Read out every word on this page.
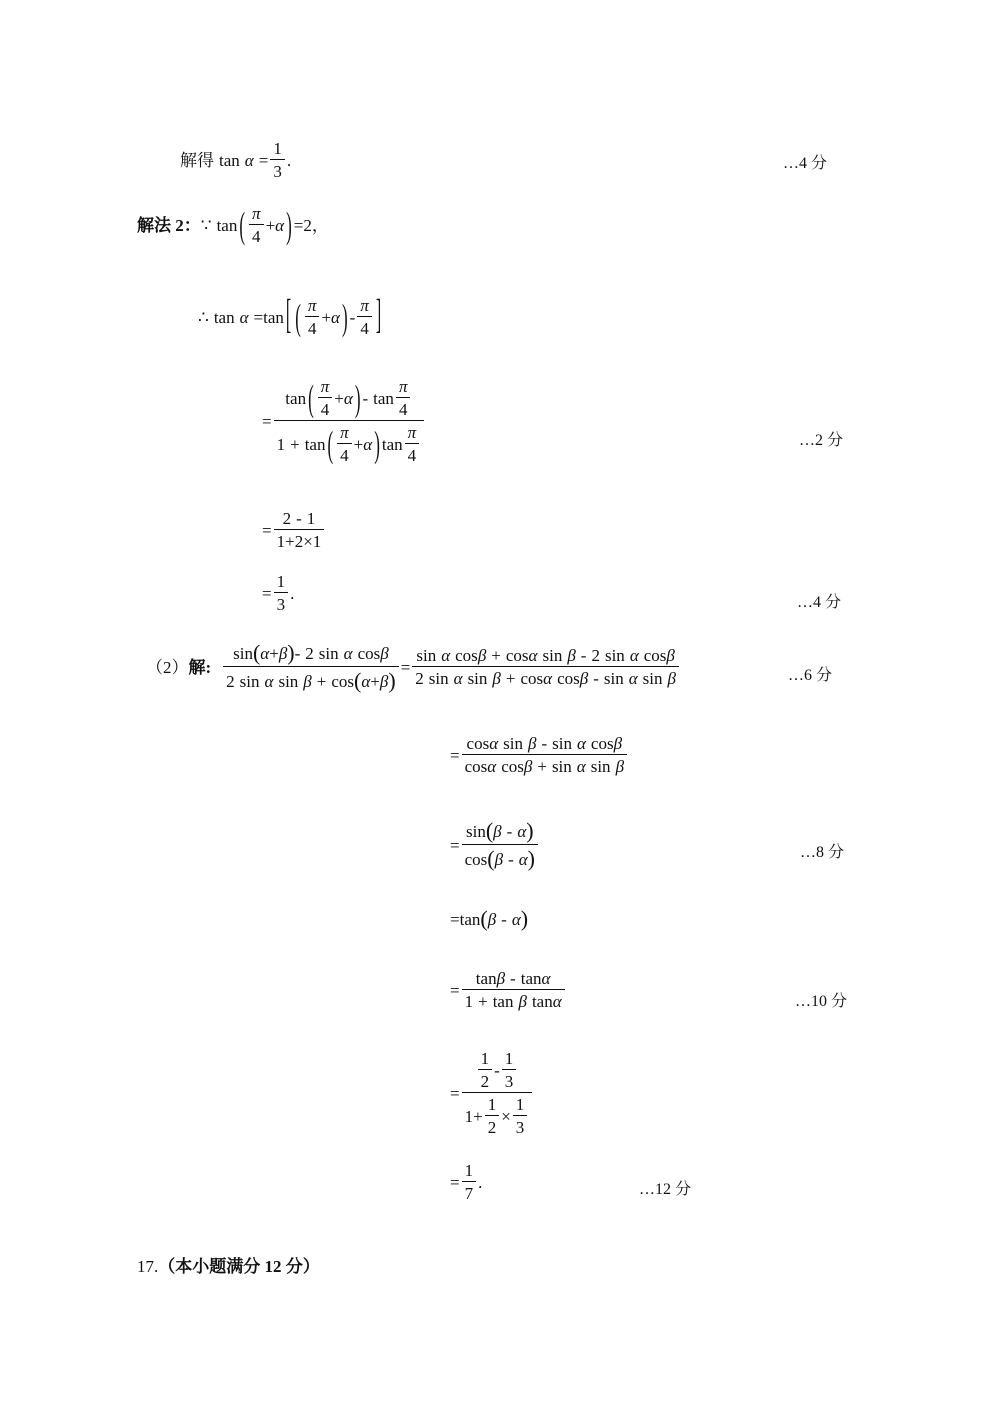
解得 $\tan \alpha = \frac{1}{3}$ .	…4 分
解法 2 ： ∵ tan ( $\frac{\pi}{4} + \alpha$ ) = 2 ，
∴ tan α = tan [ ( $\frac{\pi}{4} + \alpha$ ) - $\frac{\pi}{4}$ ]
=
tan ( $\frac{\pi}{4} + \alpha$ ) - $\tan \frac{\pi}{4}$
1 + tan ( $\frac{\pi}{4} + \alpha$ ) $\tan \frac{\pi}{4}$	…2 分
= $\frac{2 - 1}{1 + 2 \times 1}$
= $\frac{1}{3}$ .	…4 分
（2） 解:
sin ( α + β ) - 2 sin α cos β
2 sin α sin β + cos ( α + β )
=
sin α cos β + cos α sin β - 2 sin α cos β
2 sin α sin β + cos α cos β - sin α sin β	…6 分
=
cos α sin β - sin α cos β
cos α cos β + sin α sin β
= $\frac{\sin ( \beta - \alpha )}{\cos ( \beta - \alpha )}$	…8 分
= tan ( β - α )
= $\frac{\text{tan β - tan α}}{\text{1 + tan β tan α}}$	…10 分
=
$\frac{1}{2} - \frac{1}{3}$
$1 + \frac{1}{2} \times \frac{1}{3}$
= $\frac{1}{7}$ .	…12 分
17. （本小题满分 12 分）
